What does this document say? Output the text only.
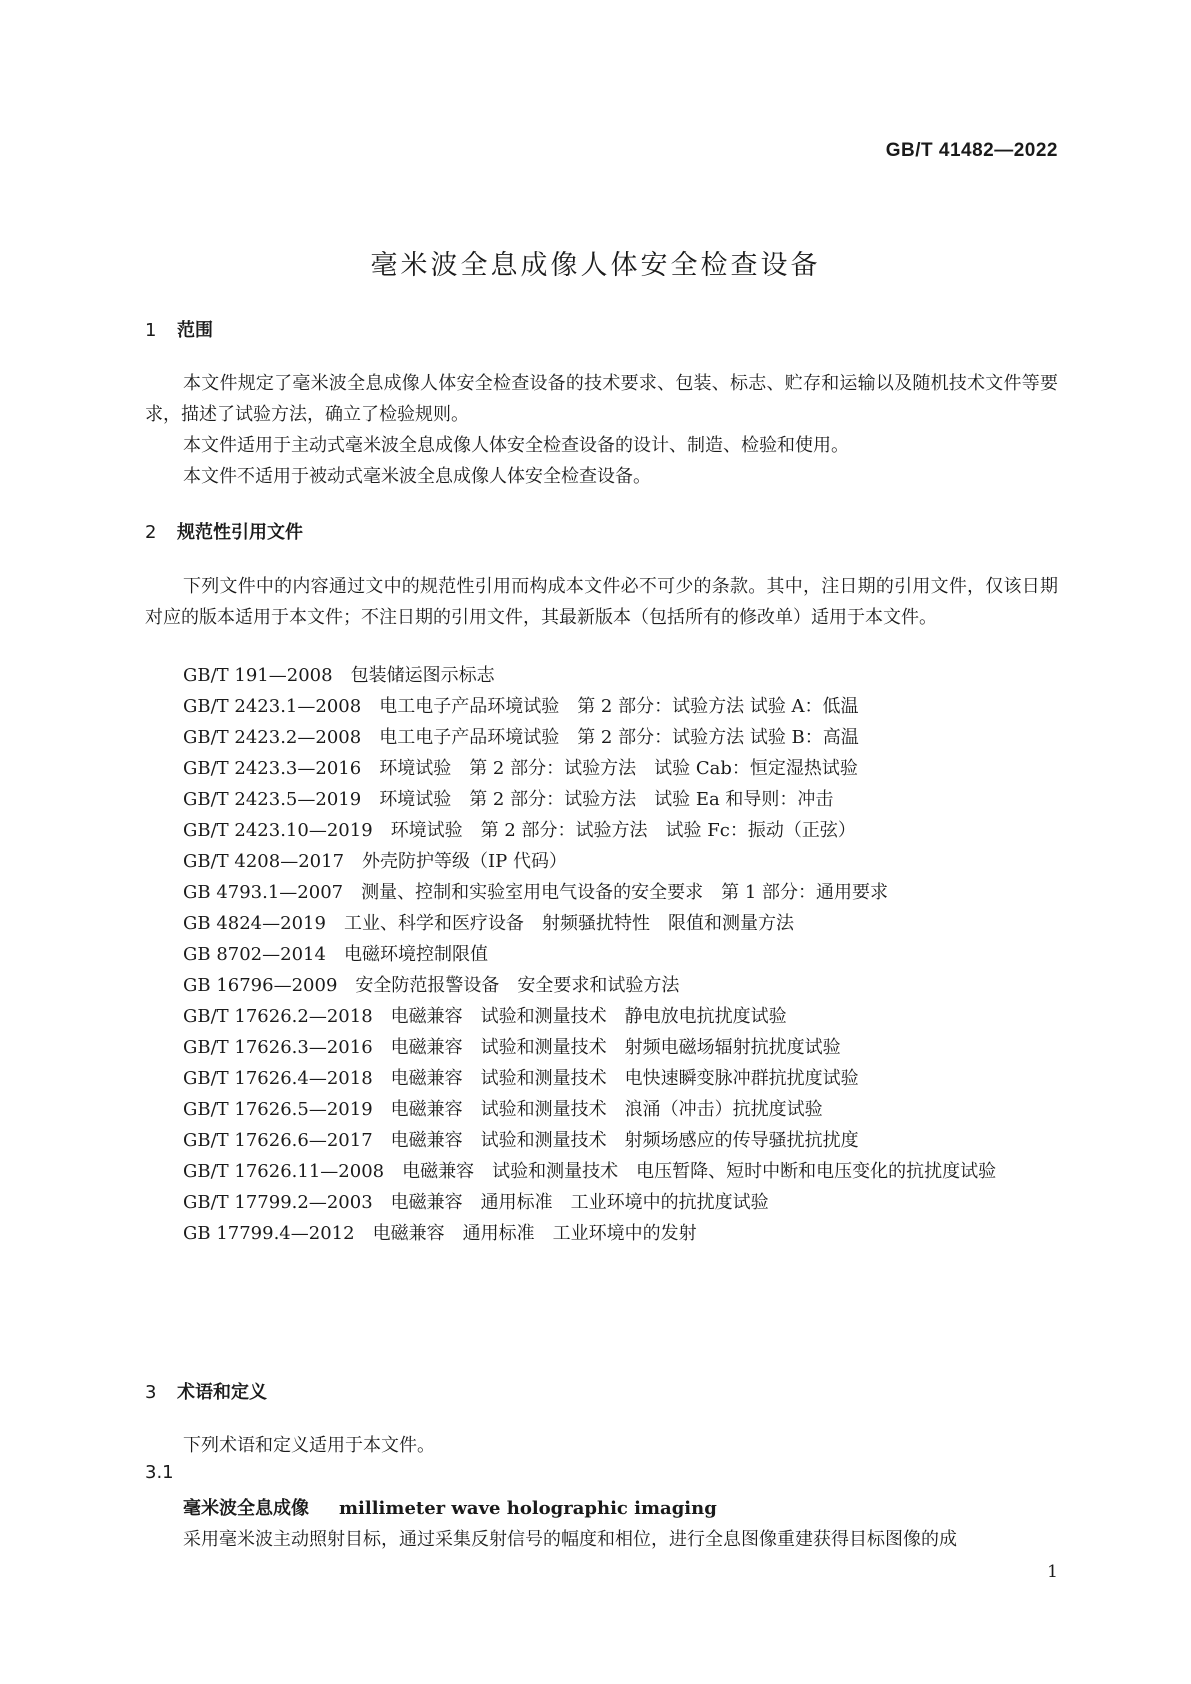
GB/T 41482—2022
毫米波全息成像人体安全检查设备
1 范围

本文件规定了毫米波全息成像人体安全检查设备的技术要求、包装、标志、贮存和运输以及随机技术文件等要求，描述了试验方法，确立了检验规则。

本文件适用于主动式毫米波全息成像人体安全检查设备的设计、制造、检验和使用。

本文件不适用于被动式毫米波全息成像人体安全检查设备。

2 规范性引用文件

下列文件中的内容通过文中的规范性引用而构成本文件必不可少的条款。其中，注日期的引用文件，仅该日期对应的版本适用于本文件；不注日期的引用文件，其最新版本（包括所有的修改单）适用于本文件。

GB/T 191—2008 包装储运图示标志

GB/T 2423.1—2008 电工电子产品环境试验　第 2 部分：试验方法 试验 A：低温

GB/T 2423.2—2008 电工电子产品环境试验　第 2 部分：试验方法 试验 B：高温

GB/T 2423.3—2016 环境试验　第 2 部分：试验方法　试验 Cab：恒定湿热试验

GB/T 2423.5—2019 环境试验　第 2 部分：试验方法　试验 Ea 和导则：冲击

GB/T 2423.10—2019 环境试验　第 2 部分：试验方法　试验 Fc：振动（正弦）

GB/T 4208—2017 外壳防护等级（IP 代码）

GB 4793.1—2007 测量、控制和实验室用电气设备的安全要求　第 1 部分：通用要求

GB 4824—2019 工业、科学和医疗设备　射频骚扰特性　限值和测量方法

GB 8702—2014 电磁环境控制限值

GB 16796—2009 安全防范报警设备　安全要求和试验方法

GB/T 17626.2—2018 电磁兼容　试验和测量技术　静电放电抗扰度试验

GB/T 17626.3—2016 电磁兼容　试验和测量技术　射频电磁场辐射抗扰度试验

GB/T 17626.4—2018 电磁兼容　试验和测量技术　电快速瞬变脉冲群抗扰度试验

GB/T 17626.5—2019 电磁兼容　试验和测量技术　浪涌（冲击）抗扰度试验

GB/T 17626.6—2017 电磁兼容　试验和测量技术　射频场感应的传导骚扰抗扰度

GB/T 17626.11—2008 电磁兼容　试验和测量技术　电压暂降、短时中断和电压变化的抗扰度试验

GB/T 17799.2—2003 电磁兼容　通用标准　工业环境中的抗扰度试验

GB 17799.4—2012 电磁兼容　通用标准　工业环境中的发射

3 术语和定义

下列术语和定义适用于本文件。

3.1
毫米波全息成像 millimeter wave holographic imaging

采用毫米波主动照射目标，通过采集反射信号的幅度和相位，进行全息图像重建获得目标图像的成

1
